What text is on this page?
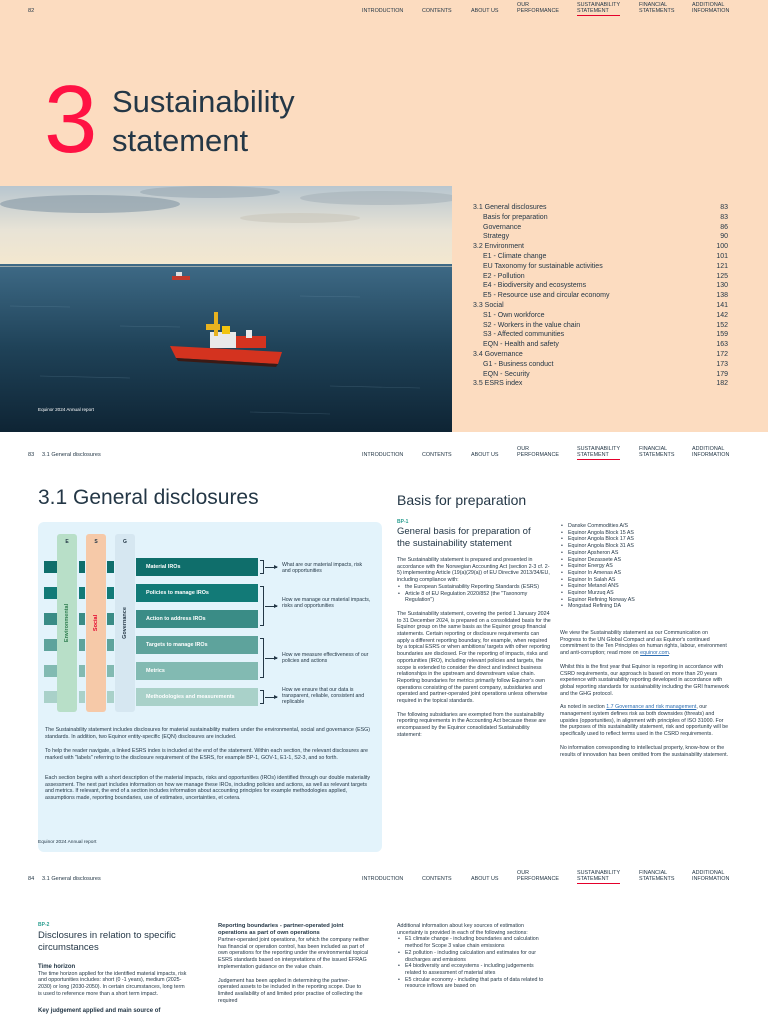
82	INTRODUCTION	CONTENTS	ABOUT US
OUR
PERFORMANCE
SUSTAINABILITY
STATEMENT
FINANCIAL
STATEMENTS
ADDITIONAL
INFORMATION
3 Sustainability
statement
Equinor 2024 Annual report
3.1 General disclosures	83
Basis for preparation	83
Governance	86
Strategy	90
3.2 Environment	100
E1 - Climate change	101
EU Taxonomy for sustainable activities	121
E2 - Pollution	125
E4 - Biodiversity and ecosystems	130
E5 - Resource use and circular economy	138
3.3 Social	141
S1 - Own workforce	142
S2 - Workers in the value chain	152
S3 - Affected communities	159
EQN - Health and safety	163
3.4 Governance	172
G1 - Business conduct	173
EQN - Security	179
3.5 ESRS index	182
83 3.1 General disclosures	INTRODUCTION	CONTENTS	ABOUT US
OUR
PERFORMANCE
SUSTAINABILITY
STATEMENT
FINANCIAL
STATEMENTS
ADDITIONAL
INFORMATION
3.1 General disclosures
E
Environmental
S
Social
G
Governance
Material IROs
Policies to manage IROs
Action to address IROs
Targets to manage IROs
Metrics
Methodologies and measurements
What are our material impacts, risk and opportunities
How we manage our material impacts, risks and opportunities
How we measure effectiveness of our policies and actions
How we ensure that our data is transparent, reliable, consistent and replicable
The Sustainability statement includes disclosures for material sustainability matters under the environmental, social and governance (ESG) standards. In addition, two Equinor entity-specific (EQN) disclosures are included.
To help the reader navigate, a linked ESRS index is included at the end of the statement. Within each section, the relevant disclosures are marked with "labels" referring to the disclosure requirement of the ESRS, for example BP-1, GOV-1, E1-1, S2-3, and so forth.
Each section begins with a short description of the material impacts, risks and opportunities (IROs) identified through our double materiality assessment. The next part includes information on how we manage these IROs, including policies and actions, as well as relevant targets and metrics. If relevant, the end of a section includes information about accounting principles for example methodologies applied, assumptions made, reporting boundaries, use of estimates, uncertainties, et cetera.
Equinor 2024 Annual report
Basis for preparation
BP-1
General basis for preparation of
the sustainability statement

The Sustainability statement is prepared and presented in accordance with the Norwegian Accounting Act (section 2-3 cf. 2-5) implementing Article (19(a)(29(a)) of EU Directive 2013/34/EU, including compliance with:

• the European Sustainability Reporting Standards (ESRS)
• Article 8 of EU Regulation 2020/852 (the "Taxonomy Regulation")

The Sustainability statement, covering the period 1 January 2024 to 31 December 2024, is prepared on a consolidated basis for the Equinor group on the same basis as the Equinor group financial statements. Certain reporting or disclosure requirements can apply a different reporting boundary, for example, when required by a topical ESRS or when ambitions/ targets with other reporting boundaries are disclosed. For the reporting of impacts, risks and opportunities (IRO), including relevant policies and targets, the scope is extended to consider the direct and indirect business relationships in the upstream and downstream value chain. Reporting boundaries for metrics primarily follow Equinor's own operations consisting of the parent company, subsidiaries and operated and partner-operated joint operations unless otherwise required in the topical standards.

The following subsidiaries are exempted from the sustainability reporting requirements in the Accounting Act because these are encompassed by the Equinor consolidated Sustainability statement:

• Danske Commodities A/S
• Equinor Angola Block 15 AS
• Equinor Angola Block 17 AS
• Equinor Angola Block 31 AS
• Equinor Apsheron AS
• Equinor Dezassete AS
• Equinor Energy AS
• Equinor In Amenas AS
• Equinor In Salah AS
• Equinor Metanol ANS
• Equinor Murzuq AS
• Equinor Refining Norway AS
• Mongstad Refining DA

We view the Sustainability statement as our Communication on Progress to the UN Global Compact and as Equinor's continued commitment to the Ten Principles on human rights, labour, environment and anti-corruption; read more on equinor.com.

Whilst this is the first year that Equinor is reporting in accordance with CSRD requirements, our approach is based on more than 20 years experience with sustainability reporting developed in accordance with global reporting standards for sustainability including the GRI framework and the GHG protocol.

As noted in section 1.7 Governance and risk management, our management system defines risk as both downsides (threats) and upsides (opportunities), in alignment with principles of ISO 31000. For the purposes of this sustainability statement, risk and opportunity will be specifically used to reflect terms used in the CSRD requirements.

No information corresponding to intellectual property, know-how or the results of innovation has been omitted from the sustainability statement.

84 3.1 General disclosures	INTRODUCTION	CONTENTS	ABOUT US
OUR
PERFORMANCE
SUSTAINABILITY
STATEMENT
FINANCIAL
STATEMENTS
ADDITIONAL
INFORMATION
BP-2
Disclosures in relation to specific
circumstances

Time horizon

The time horizon applied for the identified material impacts, risk and opportunities includes: short (0 -1 years), medium (2025-2030) or long (2030-2050). In certain circumstances, long term is used to reference more than a short term impact.

Key judgement applied and main source of

Reporting boundaries - partner-operated joint
operations as part of own operations

Partner-operated joint operations, for which the company neither has financial or operation control, has been included as part of own operations for the reporting under the environmental topical ESRS standards based on interpretations of the issued EFRAG implementation guidance on the value chain.

Judgement has been applied in determining the partner-operated assets to be included in the reporting scope. Due to limited availability of and limited prior practise of collecting the required

Additional information about key sources of estimation uncertainty is provided in each of the following sections:

• E1 climate change - including boundaries and calculation method for Scope 3 value chain emissions
• E2 pollution - including calculation and estimates for our discharges and emissions
• E4 biodiversity and ecosystems - including judgements related to assessment of material sites
• E5 circular economy - including that parts of data related to resource inflows are based on
